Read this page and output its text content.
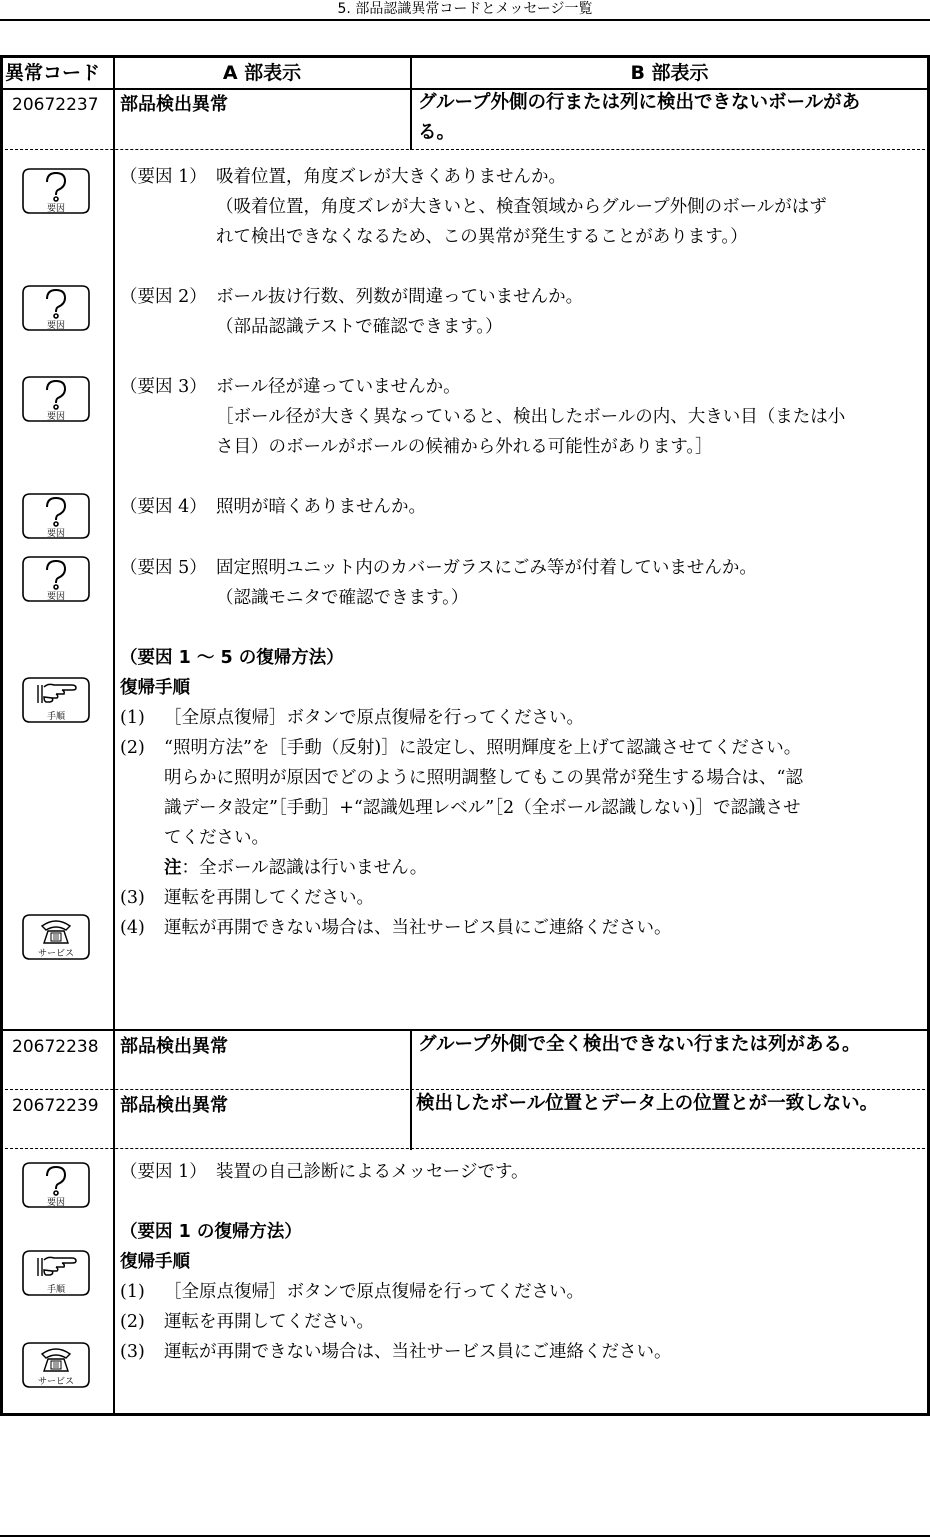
5. 部品認識異常コードとメッセージ一覧
異常コード	A 部表示	B 部表示
20672237 部品検出異常	グループ外側の行または列に検出できないボールがあ
る。
（要因 1） 吸着位置，角度ズレが大きくありませんか。
（吸着位置，角度ズレが大きいと、検査領域からグループ外側のボールがはず
れて検出できなくなるため、この異常が発生することがあります。）
（要因 2） ボール抜け行数、列数が間違っていませんか。
（部品認識テストで確認できます。）
（要因 3） ボール径が違っていませんか。
［ボール径が大きく異なっていると、検出したボールの内、大きい目（または小
さ目）のボールがボールの候補から外れる可能性があります。］
（要因 4） 照明が暗くありませんか。
（要因 5） 固定照明ユニット内のカバーガラスにごみ等が付着していませんか。
（認識モニタで確認できます。）
（要因 1 ～ 5 の復帰方法）
復帰手順
(1) ［全原点復帰］ボタンで原点復帰を行ってください。
(2) “照明方法”を［手動（反射)］に設定し、照明輝度を上げて認識させてください。
明らかに照明が原因でどのように照明調整してもこの異常が発生する場合は、“認
識データ設定”［手動］+“認識処理レベル”［2（全ボール認識しない)］で認識させ
てください。
注：全ボール認識は行いません。
(3) 運転を再開してください。
(4) 運転が再開できない場合は、当社サービス員にご連絡ください。
20672238 部品検出異常	グループ外側で全く検出できない行または列がある。
20672239 部品検出異常	検出したボール位置とデータ上の位置とが一致しない。
（要因 1） 装置の自己診断によるメッセージです。
（要因 1 の復帰方法）
復帰手順
(1) ［全原点復帰］ボタンで原点復帰を行ってください。
(2) 運転を再開してください。
(3) 運転が再開できない場合は、当社サービス員にご連絡ください。
要因
要因
要因
要因
要因
要因
手順
手順
サービス
サービス
